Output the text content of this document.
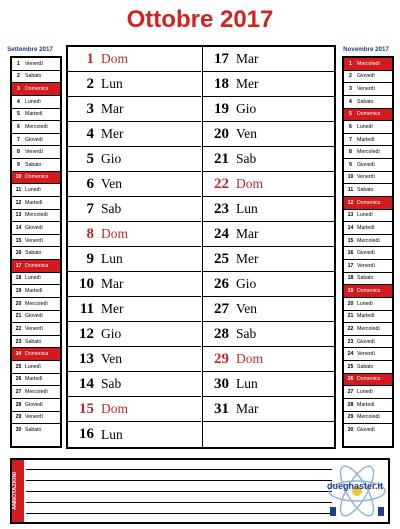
Ottobre 2017
Settembre 2017	Novembre 2017
1 Venerdì
2 Sabato
3 Domenica
4 Lunedì
5 Martedì
6 Mercoledì
7 Giovedì
8 Venerdì
9 Sabato
10 Domenica
11 Lunedì
12 Martedì
13 Mercoledì
14 Giovedì
15 Venerdì
16 Sabato
17 Domenica
18 Lunedì
19 Martedì
20 Mercoledì
21 Giovedì
22 Venerdì
23 Sabato
24 Domenica
25 Lunedì
26 Martedì
27 Mercoledì
28 Giovedì
29 Venerdì
30 Sabato
1 Mercoledì
2 Giovedì
3 Venerdì
4 Sabato
5 Domenica
6 Lunedì
7 Martedì
8 Mercoledì
9 Giovedì
10 Venerdì
11 Sabato
12 Domenica
13 Lunedì
14 Martedì
15 Mercoledì
16 Giovedì
17 Venerdì
18 Sabato
19 Domenica
20 Lunedì
21 Martedì
22 Mercoledì
23 Giovedì
24 Venerdì
25 Sabato
26 Domenica
27 Lunedì
28 Martedì
29 Mercoledì
30 Giovedì
1 Dom
2 Lun
3 Mar
4 Mer
5 Gio
6 Ven
7 Sab
8 Dom
9 Lun
10 Mar
11 Mer
12 Gio
13 Ven
14 Sab
15 Dom
16 Lun
17 Mar
18 Mer
19 Gio
20 Ven
21 Sab
22 Dom
23 Lun
24 Mar
25 Mer
26 Gio
27 Ven
28 Sab
29 Dom
30 Lun
31 Mar
ANNOTAZIONI	dueghaster.it
